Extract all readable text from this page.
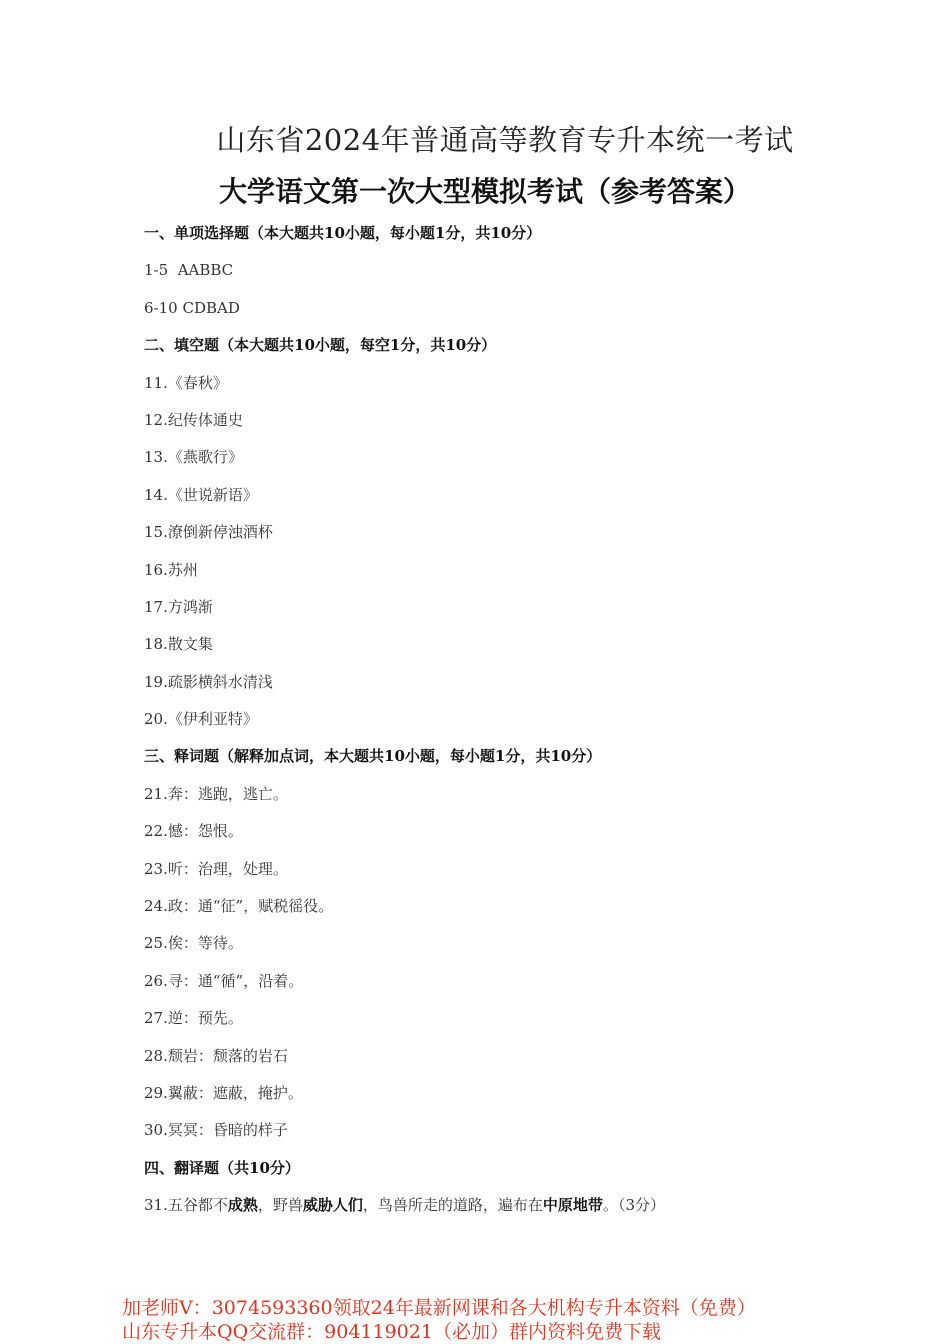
山东省2024年普通高等教育专升本统一考试
大学语文第一次大型模拟考试（参考答案）
一、单项选择题（本大题共10小题，每小题1分，共10分）
1-5  AABBC
6-10 CDBAD
二、填空题（本大题共10小题，每空1分，共10分）
11.《春秋》
12.纪传体通史
13.《燕歌行》
14.《世说新语》
15.潦倒新停浊酒杯
16.苏州
17.方鸿渐
18.散文集
19.疏影横斜水清浅
20.《伊利亚特》
三、释词题（解释加点词，本大题共10小题，每小题1分，共10分）
21.奔：逃跑，逃亡。
22.憾：怨恨。
23.听：治理，处理。
24.政：通“征”，赋税徭役。
25.俟：等待。
26.寻：通“循”，沿着。
27.逆：预先。
28.颓岩：颓落的岩石
29.翼蔽：遮蔽，掩护。
30.冥冥：昏暗的样子
四、翻译题（共10分）
31.五谷都不成熟，野兽威胁人们，鸟兽所走的道路，遍布在中原地带。（3分）
加老师V：3074593360领取24年最新网课和各大机构专升本资料（免费）
山东专升本QQ交流群：904119021（必加）群内资料免费下载
